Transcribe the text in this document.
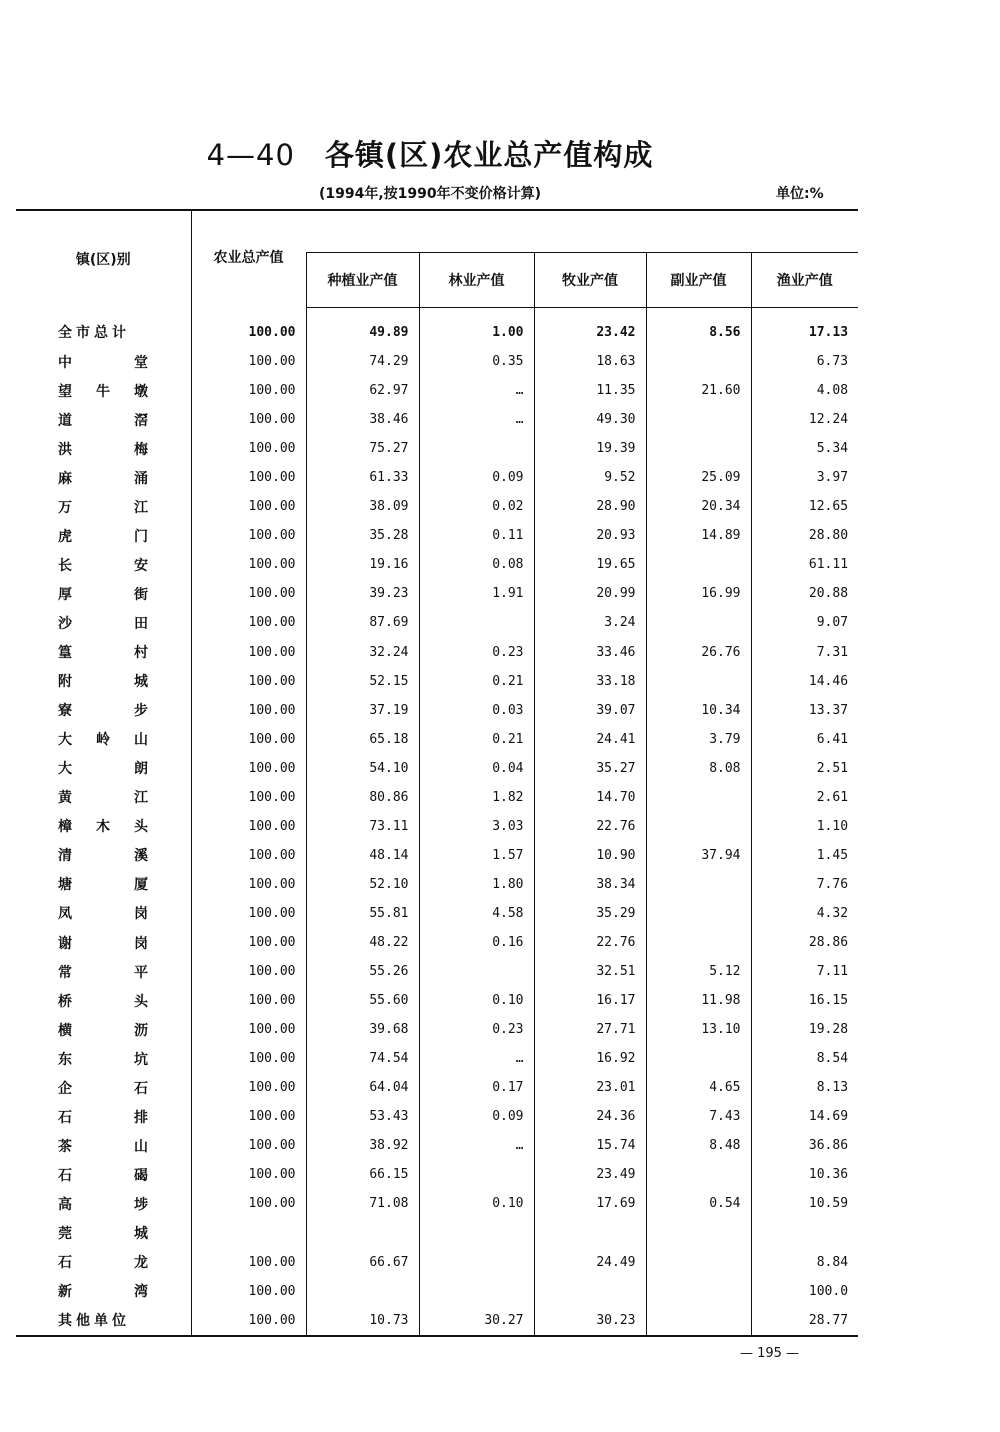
4—40 各镇(区)农业总产值构成
(1994年,按1990年不变价格计算)	单位:%
镇(区)别	农业总产值					
		种植业产值	林业产值	牧业产值	副业产值	渔业产值
全市总计	100.00	49.89	1.00	23.42	8.56	17.13
中堂	100.00	74.29	0.35	18.63		6.73
望牛墩	100.00	62.97	…	11.35	21.60	4.08
道滘	100.00	38.46	…	49.30		12.24
洪梅	100.00	75.27		19.39		5.34
麻涌	100.00	61.33	0.09	9.52	25.09	3.97
万江	100.00	38.09	0.02	28.90	20.34	12.65
虎门	100.00	35.28	0.11	20.93	14.89	28.80
长安	100.00	19.16	0.08	19.65		61.11
厚街	100.00	39.23	1.91	20.99	16.99	20.88
沙田	100.00	87.69		3.24		9.07
篁村	100.00	32.24	0.23	33.46	26.76	7.31
附城	100.00	52.15	0.21	33.18		14.46
寮步	100.00	37.19	0.03	39.07	10.34	13.37
大岭山	100.00	65.18	0.21	24.41	3.79	6.41
大朗	100.00	54.10	0.04	35.27	8.08	2.51
黄江	100.00	80.86	1.82	14.70		2.61
樟木头	100.00	73.11	3.03	22.76		1.10
清溪	100.00	48.14	1.57	10.90	37.94	1.45
塘厦	100.00	52.10	1.80	38.34		7.76
凤岗	100.00	55.81	4.58	35.29		4.32
谢岗	100.00	48.22	0.16	22.76		28.86
常平	100.00	55.26		32.51	5.12	7.11
桥头	100.00	55.60	0.10	16.17	11.98	16.15
横沥	100.00	39.68	0.23	27.71	13.10	19.28
东坑	100.00	74.54	…	16.92		8.54
企石	100.00	64.04	0.17	23.01	4.65	8.13
石排	100.00	53.43	0.09	24.36	7.43	14.69
茶山	100.00	38.92	…	15.74	8.48	36.86
石碣	100.00	66.15		23.49		10.36
高埗	100.00	71.08	0.10	17.69	0.54	10.59
莞城						
石龙	100.00	66.67		24.49		8.84
新湾	100.00					100.0
其他单位	100.00	10.73	30.27	30.23		28.77
— 195 —
